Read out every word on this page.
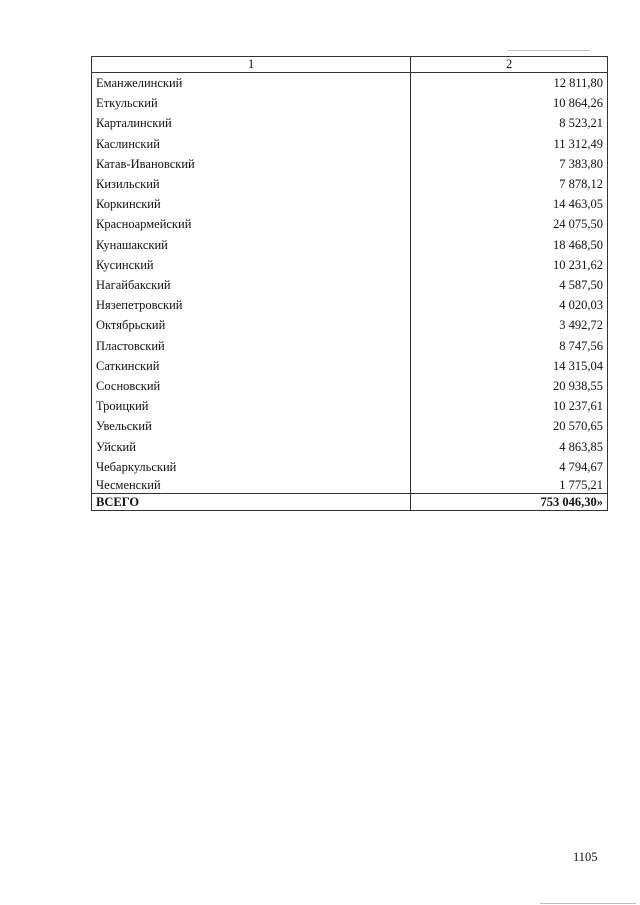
1	2
Еманжелинский	12 811,80
Еткульский	10 864,26
Карталинский	8 523,21
Каслинский	11 312,49
Катав-Ивановский	7 383,80
Кизильский	7 878,12
Коркинский	14 463,05
Красноармейский	24 075,50
Кунашакский	18 468,50
Кусинский	10 231,62
Нагайбакский	4 587,50
Нязепетровский	4 020,03
Октябрьский	3 492,72
Пластовский	8 747,56
Саткинский	14 315,04
Сосновский	20 938,55
Троицкий	10 237,61
Увельский	20 570,65
Уйский	4 863,85
Чебаркульский	4 794,67
Чесменский	1 775,21
ВСЕГО	753 046,30»
1105
